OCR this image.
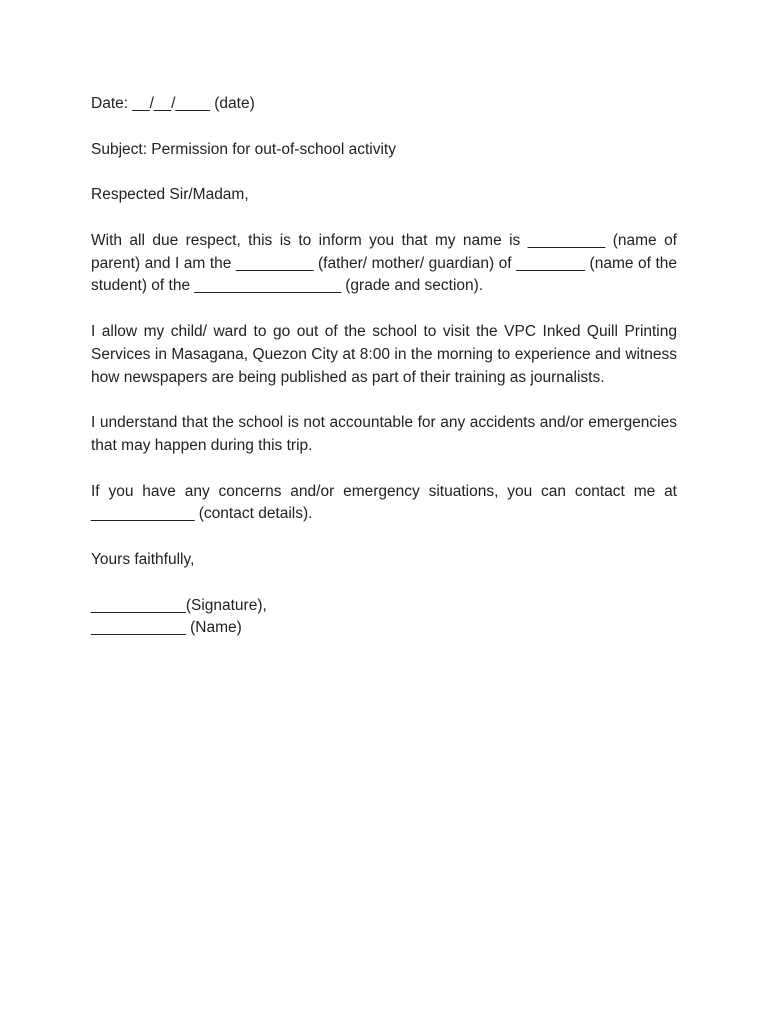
Date: __/__/____ (date)

Subject: Permission for out-of-school activity

Respected Sir/Madam,

With all due respect, this is to inform you that my name is _________ (name of parent) and I am the _________ (father/ mother/ guardian) of ________ (name of the student) of the _________________ (grade and section).

I allow my child/ ward to go out of the school to visit the VPC Inked Quill Printing Services in Masagana, Quezon City at 8:00 in the morning to experience and witness how newspapers are being published as part of their training as journalists.

I understand that the school is not accountable for any accidents and/or emergencies that may happen during this trip.

If you have any concerns and/or emergency situations, you can contact me at ____________ (contact details).

Yours faithfully,

___________(Signature),
___________ (Name)
